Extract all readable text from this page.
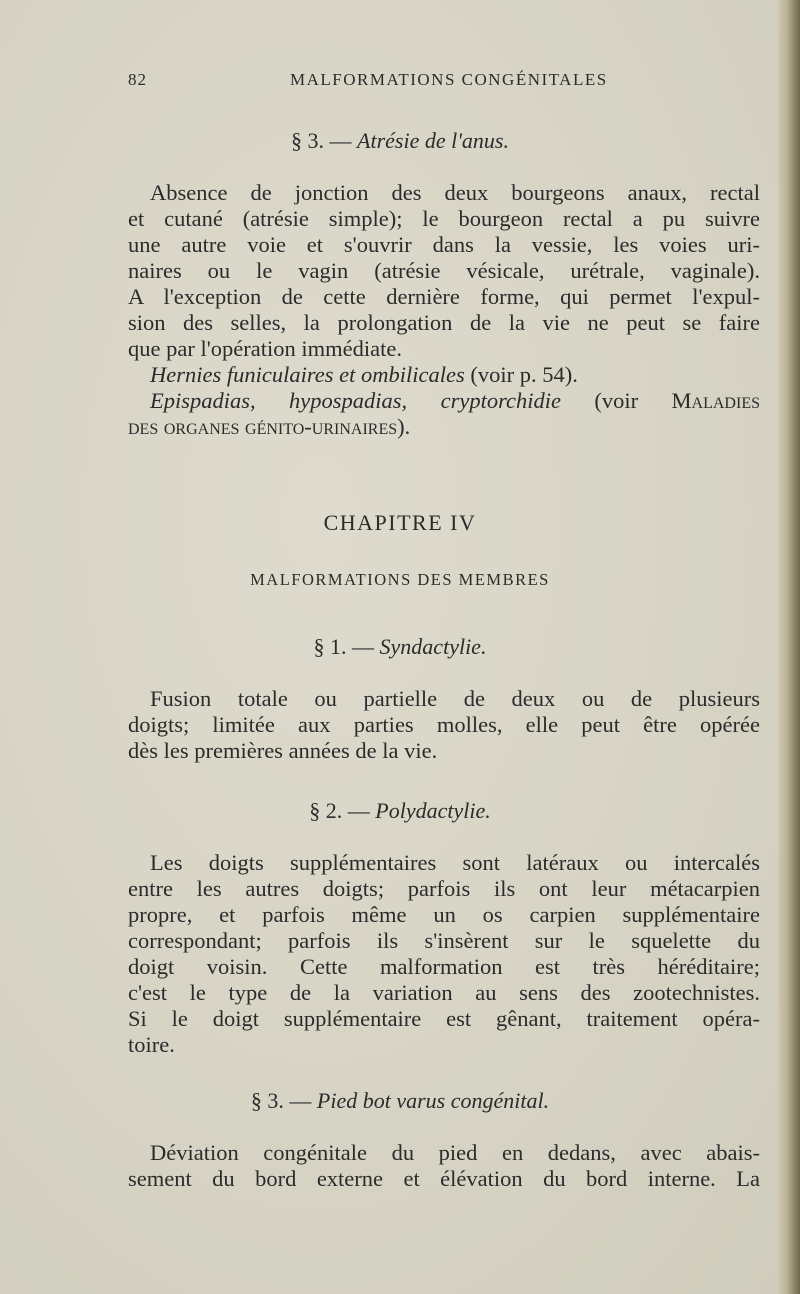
82	MALFORMATIONS CONGÉNITALES
§ 3. — Atrésie de l'anus.
Absence de jonction des deux bourgeons anaux, rectal
et cutané (atrésie simple); le bourgeon rectal a pu suivre
une autre voie et s'ouvrir dans la vessie, les voies uri-
naires ou le vagin (atrésie vésicale, urétrale, vaginale).
A l'exception de cette dernière forme, qui permet l'expul-
sion des selles, la prolongation de la vie ne peut se faire
que par l'opération immédiate.
Hernies funiculaires et ombilicales (voir p. 54).
Epispadias, hypospadias, cryptorchidie (voir Maladies
des organes génito-urinaires).
CHAPITRE IV
MALFORMATIONS DES MEMBRES
§ 1. — Syndactylie.
Fusion totale ou partielle de deux ou de plusieurs
doigts; limitée aux parties molles, elle peut être opérée
dès les premières années de la vie.
§ 2. — Polydactylie.
Les doigts supplémentaires sont latéraux ou intercalés
entre les autres doigts; parfois ils ont leur métacarpien
propre, et parfois même un os carpien supplémentaire
correspondant; parfois ils s'insèrent sur le squelette du
doigt voisin. Cette malformation est très héréditaire;
c'est le type de la variation au sens des zootechnistes.
Si le doigt supplémentaire est gênant, traitement opéra-
toire.
§ 3. — Pied bot varus congénital.
Déviation congénitale du pied en dedans, avec abais-
sement du bord externe et élévation du bord interne. La
